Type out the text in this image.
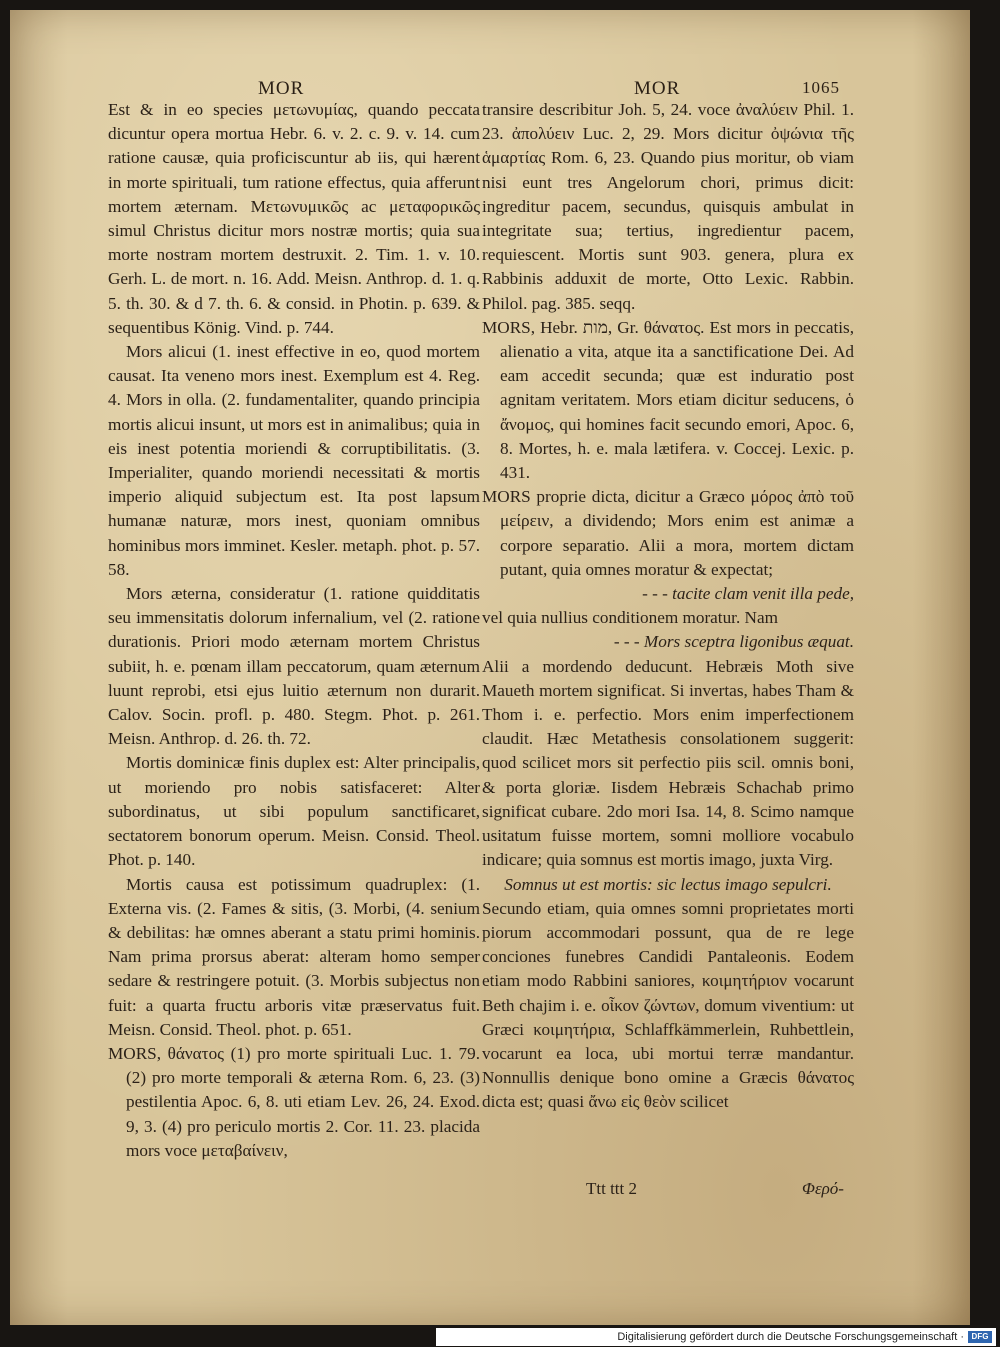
MOR	MOR	1065

Est & in eo species μετωνυμίας, quando peccata dicuntur opera mortua Hebr. 6. v. 2. c. 9. v. 14. cum ratione causæ, quia proficiscuntur ab iis, qui hærent in morte spirituali, tum ratione effectus, quia afferunt mortem æternam. Μετωνυμικῶς ac μεταφορικῶς simul Christus dicitur mors nostræ mortis; quia sua morte nostram mortem destruxit. 2. Tim. 1. v. 10. Gerh. L. de mort. n. 16. Add. Meisn. Anthrop. d. 1. q. 5. th. 30. & d 7. th. 6. & consid. in Photin. p. 639. & sequentibus König. Vind. p. 744.

Mors alicui (1. inest effective in eo, quod mortem causat. Ita veneno mors inest. Exemplum est 4. Reg. 4. Mors in olla. (2. fundamentaliter, quando principia mortis alicui insunt, ut mors est in animalibus; quia in eis inest potentia moriendi & corruptibilitatis. (3. Imperialiter, quando moriendi necessitati & mortis imperio aliquid subjectum est. Ita post lapsum humanæ naturæ, mors inest, quoniam omnibus hominibus mors imminet. Kesler. metaph. phot. p. 57. 58.

Mors æterna, consideratur (1. ratione quidditatis seu immensitatis dolorum infernalium, vel (2. ratione durationis. Priori modo æternam mortem Christus subiit, h. e. pœnam illam peccatorum, quam æternum luunt reprobi, etsi ejus luitio æternum non durarit. Calov. Socin. profl. p. 480. Stegm. Phot. p. 261. Meisn. Anthrop. d. 26. th. 72.

Mortis dominicæ finis duplex est: Alter principalis, ut moriendo pro nobis satisfaceret: Alter subordinatus, ut sibi populum sanctificaret, sectatorem bonorum operum. Meisn. Consid. Theol. Phot. p. 140.

Mortis causa est potissimum quadruplex: (1. Externa vis. (2. Fames & sitis, (3. Morbi, (4. senium & debilitas: hæ omnes aberant a statu primi hominis. Nam prima prorsus aberat: alteram homo semper sedare & restringere potuit. (3. Morbis subjectus non fuit: a quarta fructu arboris vitæ præservatus fuit. Meisn. Consid. Theol. phot. p. 651.

MORS, θάνατος (1) pro morte spirituali Luc. 1. 79. (2) pro morte temporali & æterna Rom. 6, 23. (3) pestilentia Apoc. 6, 8. uti etiam Lev. 26, 24. Exod. 9, 3. (4) pro periculo mortis 2. Cor. 11. 23. placida mors voce μεταβαίνειν,

transire describitur Joh. 5, 24. voce ἀναλύειν Phil. 1. 23. ἀπολύειν Luc. 2, 29. Mors dicitur ὀψώνια τῆς ἁμαρτίας Rom. 6, 23. Quando pius moritur, ob viam nisi eunt tres Angelorum chori, primus dicit: ingreditur pacem, secundus, quisquis ambulat in integritate sua; tertius, ingredientur pacem, requiescent. Mortis sunt 903. genera, plura ex Rabbinis adduxit de morte, Otto Lexic. Rabbin. Philol. pag. 385. seqq.

MORS, Hebr. מות, Gr. θάνατος. Est mors in peccatis, alienatio a vita, atque ita a sanctificatione Dei. Ad eam accedit secunda; quæ est induratio post agnitam veritatem. Mors etiam dicitur seducens, ὁ ἄνομος, qui homines facit secundo emori, Apoc. 6, 8. Mortes, h. e. mala lætifera. v. Coccej. Lexic. p. 431.

MORS proprie dicta, dicitur a Græco μόρος ἀπὸ τοῦ μείρειν, a dividendo; Mors enim est animæ a corpore separatio. Alii a mora, mortem dictam putant, quia omnes moratur & expectat;

- - - tacite clam venit illa pede,

vel quia nullius conditionem moratur. Nam

- - - Mors sceptra ligonibus æquat.

Alii a mordendo deducunt. Hebræis Moth sive Maueth mortem significat. Si invertas, habes Tham & Thom i. e. perfectio. Mors enim imperfectionem claudit. Hæc Metathesis consolationem suggerit: quod scilicet mors sit perfectio piis scil. omnis boni, & porta gloriæ. Iisdem Hebræis Schachab primo significat cubare. 2do mori Isa. 14, 8. Scimo namque usitatum fuisse mortem, somni molliore vocabulo indicare; quia somnus est mortis imago, juxta Virg.

Somnus ut est mortis: sic lectus imago sepulcri.

Secundo etiam, quia omnes somni proprietates morti piorum accommodari possunt, qua de re lege conciones funebres Candidi Pantaleonis. Eodem etiam modo Rabbini saniores, κοιμητήριον vocarunt Beth chajim i. e. οἶκον ζώντων, domum viventium: ut Græci κοιμητήρια, Schlaffkämmerlein, Ruhbettlein, vocarunt ea loca, ubi mortui terræ mandantur. Nonnullis denique bono omine a Græcis θάνατος dicta est; quasi ἄνω εἰς θεὸν scilicet

Ttt ttt 2	Φερό-
Digitalisierung gefördert durch die Deutsche Forschungsgemeinschaft · DFG
